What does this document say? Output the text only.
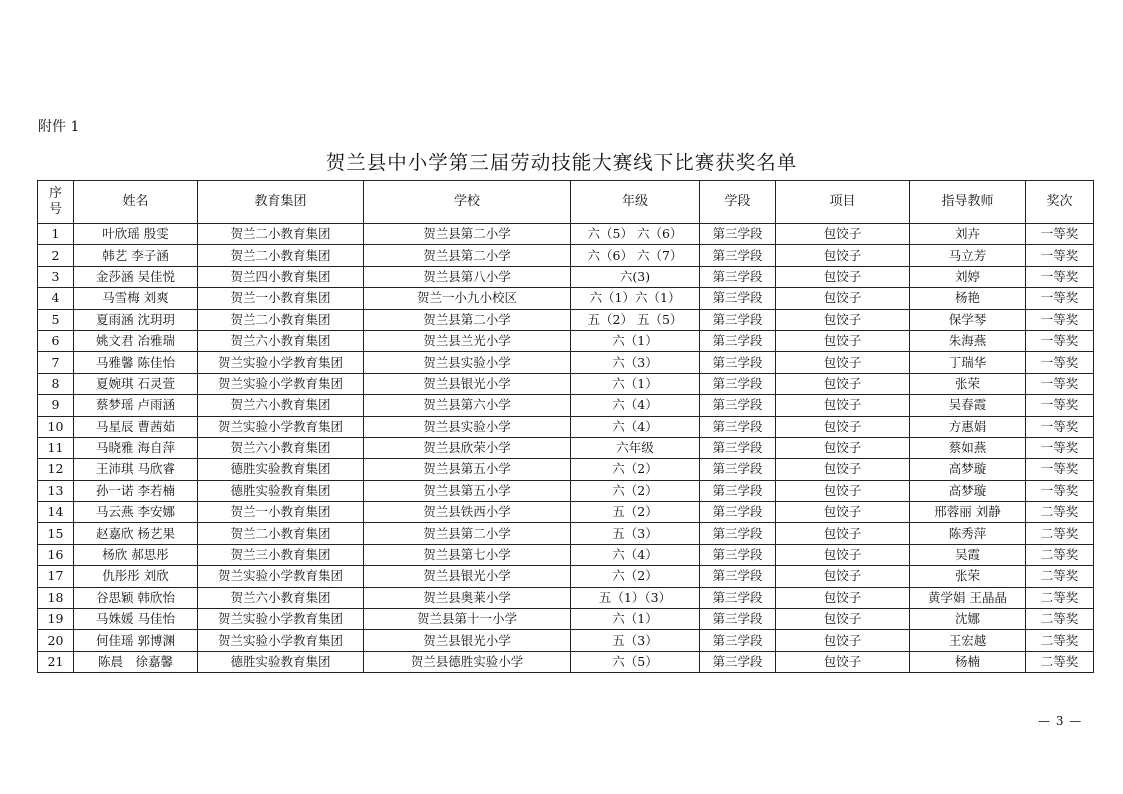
附件 1
贺兰县中小学第三届劳动技能大赛线下比赛获奖名单
序
号	姓名	教育集团	学校	年级	学段	项目	指导教师	奖次
1	叶欣瑶 殷雯	贺兰二小教育集团	贺兰县第二小学	六（5） 六（6）	第三学段	包饺子	刘卉	一等奖
2	韩艺 李子涵	贺兰二小教育集团	贺兰县第二小学	六（6） 六（7）	第三学段	包饺子	马立芳	一等奖
3	金莎涵 吴佳悦	贺兰四小教育集团	贺兰县第八小学	六(3)	第三学段	包饺子	刘婷	一等奖
4	马雪梅 刘爽	贺兰一小教育集团	贺兰一小九小校区	六（1）六（1）	第三学段	包饺子	杨艳	一等奖
5	夏雨涵 沈玥玥	贺兰二小教育集团	贺兰县第二小学	五（2） 五（5）	第三学段	包饺子	保学琴	一等奖
6	姚文君 冶雅瑞	贺兰六小教育集团	贺兰县兰光小学	六（1）	第三学段	包饺子	朱海燕	一等奖
7	马雅馨 陈佳怡	贺兰实验小学教育集团	贺兰县实验小学	六（3）	第三学段	包饺子	丁瑞华	一等奖
8	夏婉琪 石灵萱	贺兰实验小学教育集团	贺兰县银光小学	六（1）	第三学段	包饺子	张荣	一等奖
9	蔡梦瑶 卢雨涵	贺兰六小教育集团	贺兰县第六小学	六（4）	第三学段	包饺子	吴春霞	一等奖
10	马星辰 曹茜茹	贺兰实验小学教育集团	贺兰县实验小学	六（4）	第三学段	包饺子	方惠娟	一等奖
11	马晓雅 海自萍	贺兰六小教育集团	贺兰县欣荣小学	六年级	第三学段	包饺子	蔡如燕	一等奖
12	王沛琪 马欣睿	德胜实验教育集团	贺兰县第五小学	六（2）	第三学段	包饺子	高梦璇	一等奖
13	孙一诺 李若楠	德胜实验教育集团	贺兰县第五小学	六（2）	第三学段	包饺子	高梦璇	一等奖
14	马云燕 李安娜	贺兰一小教育集团	贺兰县铁西小学	五（2）	第三学段	包饺子	邢蓉丽 刘静	二等奖
15	赵嘉欣 杨艺果	贺兰二小教育集团	贺兰县第二小学	五（3）	第三学段	包饺子	陈秀萍	二等奖
16	杨欣 郝思彤	贺兰三小教育集团	贺兰县第七小学	六（4）	第三学段	包饺子	吴霞	二等奖
17	仇彤彤 刘欣	贺兰实验小学教育集团	贺兰县银光小学	六（2）	第三学段	包饺子	张荣	二等奖
18	谷思颖 韩欣怡	贺兰六小教育集团	贺兰县奥莱小学	五（1）（3）	第三学段	包饺子	黄学娟 王晶晶	二等奖
19	马姝媛 马佳怡	贺兰实验小学教育集团	贺兰县第十一小学	六（1）	第三学段	包饺子	沈娜	二等奖
20	何佳瑶 郭博渊	贺兰实验小学教育集团	贺兰县银光小学	五（3）	第三学段	包饺子	王宏越	二等奖
21	陈晨　徐嘉馨	德胜实验教育集团	贺兰县德胜实验小学	六（5）	第三学段	包饺子	杨楠	二等奖
— 3 —
